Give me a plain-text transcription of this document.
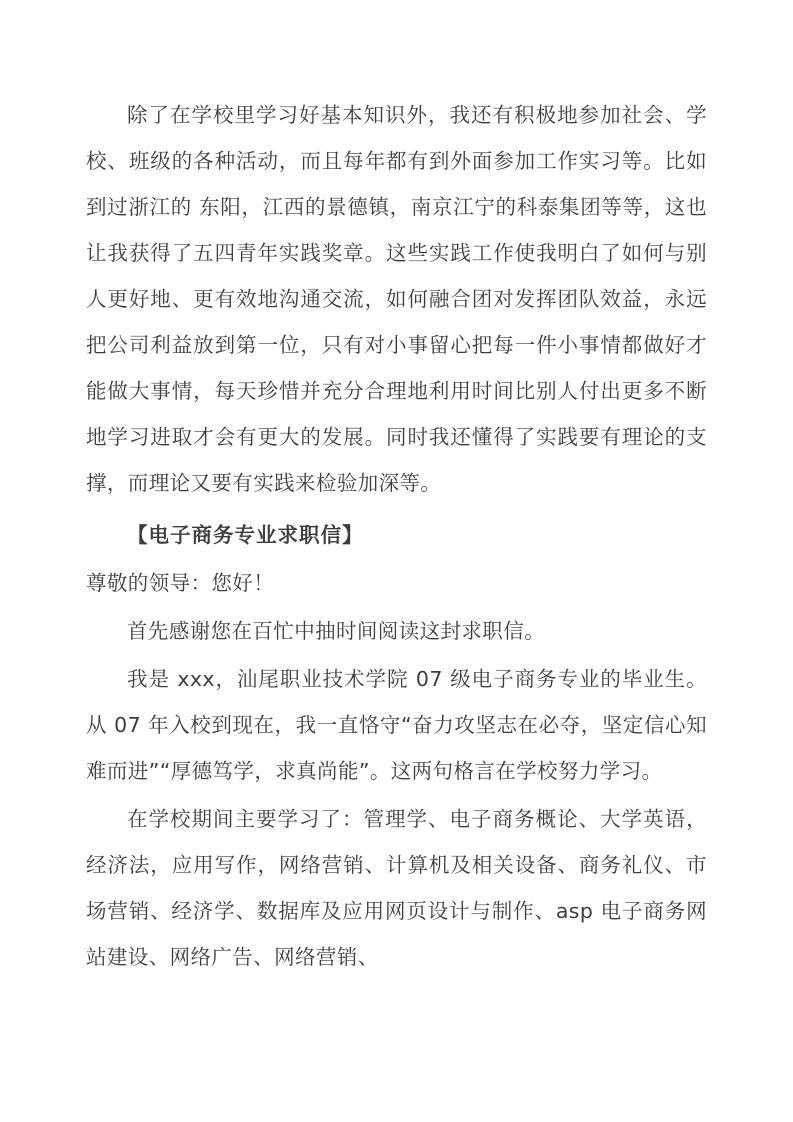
除了在学校里学习好基本知识外，我还有积极地参加社会、学校、班级的各种活动，而且每年都有到外面参加工作实习等。比如到过浙江的 东阳，江西的景德镇，南京江宁的科泰集团等等，这也让我获得了五四青年实践奖章。这些实践工作使我明白了如何与别人更好地、更有效地沟通交流，如何融合团对发挥团队效益，永远把公司利益放到第一位，只有对小事留心把每一件小事情都做好才能做大事情，每天珍惜并充分合理地利用时间比别人付出更多不断地学习进取才会有更大的发展。同时我还懂得了实践要有理论的支撑，而理论又要有实践来检验加深等。

【电子商务专业求职信】

尊敬的领导：您好！

首先感谢您在百忙中抽时间阅读这封求职信。

我是 xxx，汕尾职业技术学院 07 级电子商务专业的毕业生。从 07 年入校到现在，我一直恪守“奋力攻坚志在必夺，坚定信心知难而进”“厚德笃学，求真尚能”。这两句格言在学校努力学习。

在学校期间主要学习了：管理学、电子商务概论、大学英语，经济法，应用写作，网络营销、计算机及相关设备、商务礼仪、市场营销、经济学、数据库及应用网页设计与制作、asp 电子商务网站建设、网络广告、网络营销、
